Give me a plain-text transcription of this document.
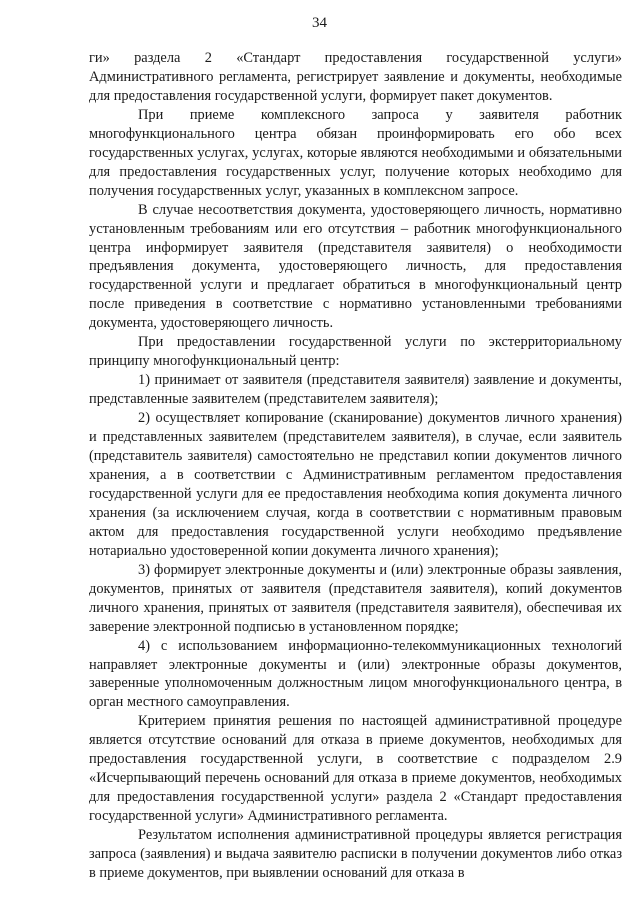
34

ги» раздела 2 «Стандарт предоставления государственной услуги» Административного регламента, регистрирует заявление и документы, необходимые для предоставления государственной услуги, формирует пакет документов.

При приеме комплексного запроса у заявителя работник многофункционального центра обязан проинформировать его обо всех государственных услугах, услугах, которые являются необходимыми и обязательными для предоставления государственных услуг, получение которых необходимо для получения государственных услуг, указанных в комплексном запросе.

В случае несоответствия документа, удостоверяющего личность, нормативно установленным требованиям или его отсутствия – работник многофункционального центра информирует заявителя (представителя заявителя) о необходимости предъявления документа, удостоверяющего личность, для предоставления государственной услуги и предлагает обратиться в многофункциональный центр после приведения в соответствие с нормативно установленными требованиями документа, удостоверяющего личность.

При предоставлении государственной услуги по экстерриториальному принципу многофункциональный центр:

1) принимает от заявителя (представителя заявителя) заявление и документы, представленные заявителем (представителем заявителя);

2) осуществляет копирование (сканирование) документов личного хранения) и представленных заявителем (представителем заявителя), в случае, если заявитель (представитель заявителя) самостоятельно не представил копии документов личного хранения, а в соответствии с Административным регламентом предоставления государственной услуги для ее предоставления необходима копия документа личного хранения (за исключением случая, когда в соответствии с нормативным правовым актом для предоставления государственной услуги необходимо предъявление нотариально удостоверенной копии документа личного хранения);

3) формирует электронные документы и (или) электронные образы заявления, документов, принятых от заявителя (представителя заявителя), копий документов личного хранения, принятых от заявителя (представителя заявителя), обеспечивая их заверение электронной подписью в установленном порядке;

4) с использованием информационно-телекоммуникационных технологий направляет электронные документы и (или) электронные образы документов, заверенные уполномоченным должностным лицом многофункционального центра, в орган местного самоуправления.

Критерием принятия решения по настоящей административной процедуре является отсутствие оснований для отказа в приеме документов, необходимых для предоставления государственной услуги, в соответствие с подразделом 2.9 «Исчерпывающий перечень оснований для отказа в приеме документов, необходимых для предоставления государственной услуги» раздела 2 «Стандарт предоставления государственной услуги» Административного регламента.

Результатом исполнения административной процедуры является регистрация запроса (заявления) и выдача заявителю расписки в получении документов либо отказ в приеме документов, при выявлении оснований для отказа в
